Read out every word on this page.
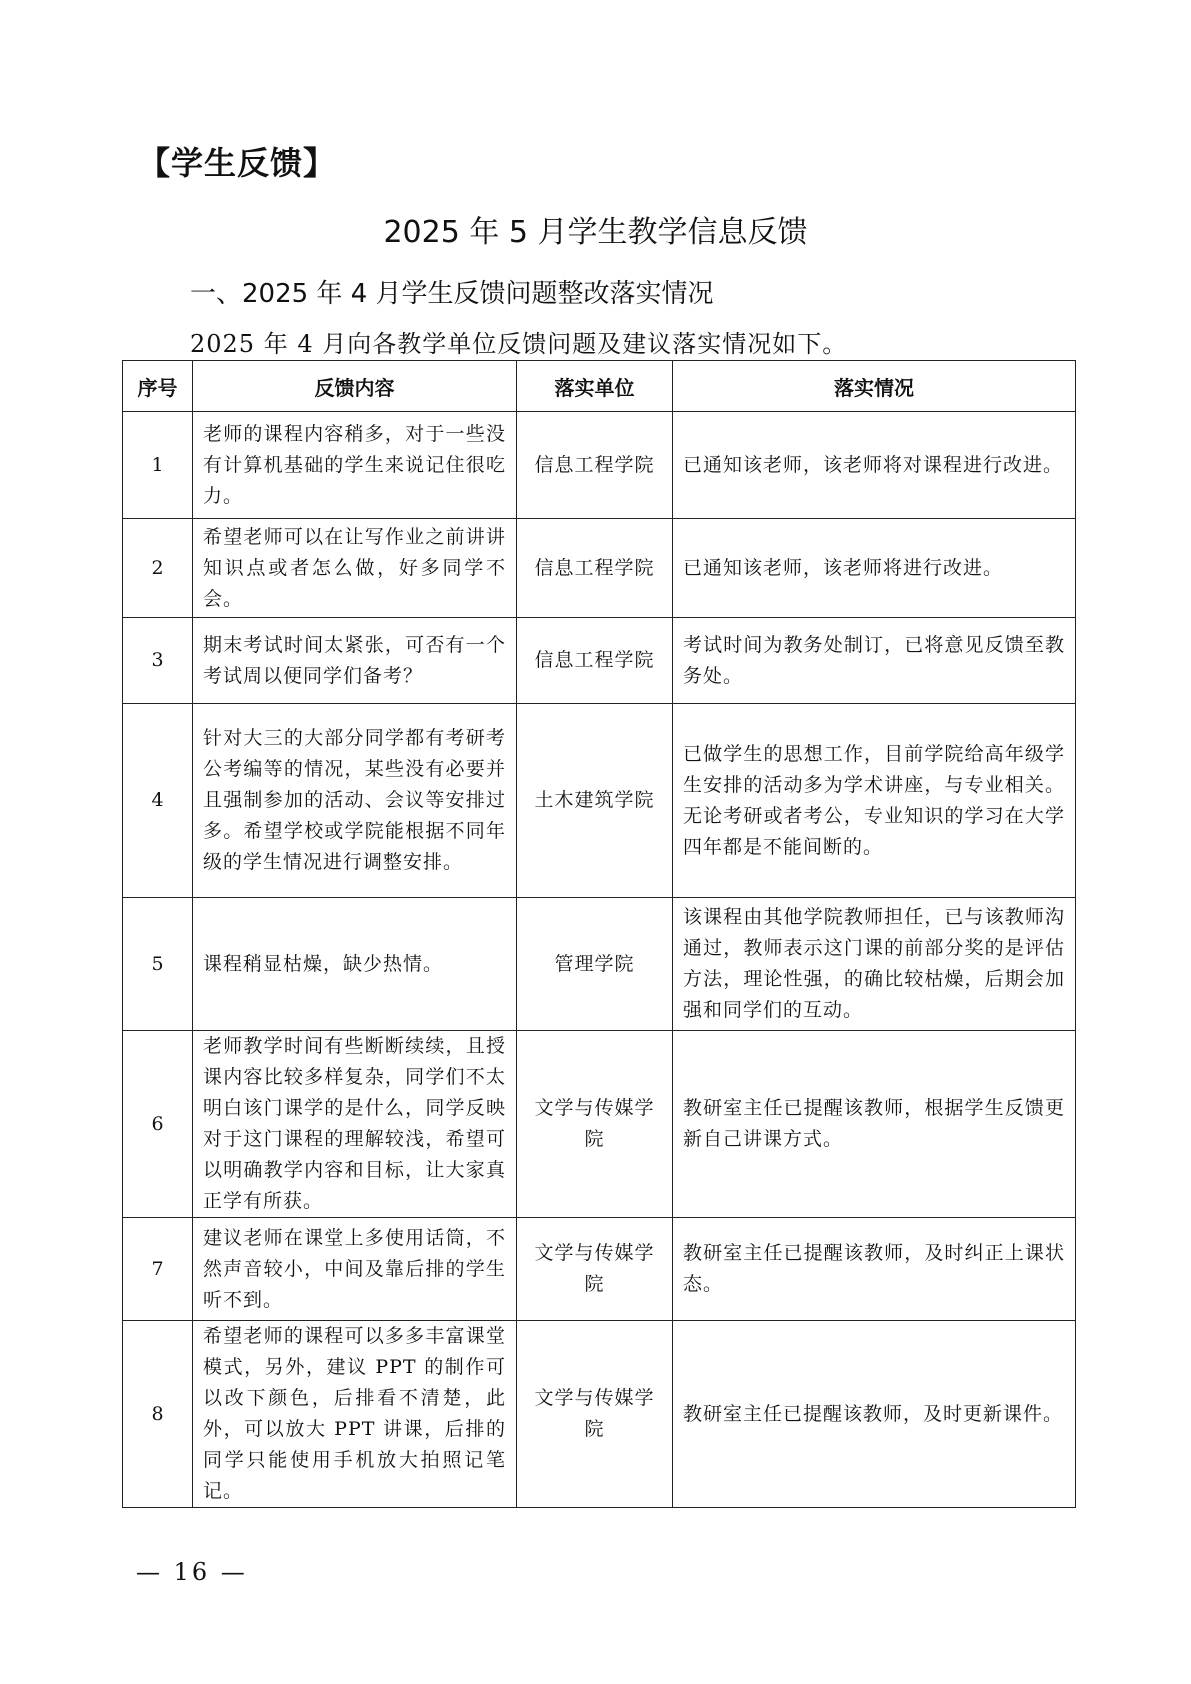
【学生反馈】
2025 年 5 月学生教学信息反馈
一、2025 年 4 月学生反馈问题整改落实情况
2025 年 4 月向各教学单位反馈问题及建议落实情况如下。
序号	反馈内容	落实单位	落实情况
1	老师的课程内容稍多，对于一些没有计算机基础的学生来说记住很吃力。	信息工程学院	已通知该老师，该老师将对课程进行改进。
2	希望老师可以在让写作业之前讲讲知识点或者怎么做，好多同学不会。	信息工程学院	已通知该老师，该老师将进行改进。
3	期末考试时间太紧张，可否有一个考试周以便同学们备考？	信息工程学院	考试时间为教务处制订，已将意见反馈至教务处。
4	针对大三的大部分同学都有考研考公考编等的情况，某些没有必要并且强制参加的活动、会议等安排过多。希望学校或学院能根据不同年级的学生情况进行调整安排。	土木建筑学院	已做学生的思想工作，目前学院给高年级学生安排的活动多为学术讲座，与专业相关。无论考研或者考公，专业知识的学习在大学四年都是不能间断的。
5	课程稍显枯燥，缺少热情。	管理学院	该课程由其他学院教师担任，已与该教师沟通过，教师表示这门课的前部分奖的是评估方法，理论性强，的确比较枯燥，后期会加强和同学们的互动。
6	老师教学时间有些断断续续，且授课内容比较多样复杂，同学们不太明白该门课学的是什么，同学反映对于这门课程的理解较浅，希望可以明确教学内容和目标，让大家真正学有所获。	文学与传媒学院	教研室主任已提醒该教师，根据学生反馈更新自己讲课方式。
7	建议老师在课堂上多使用话筒，不然声音较小，中间及靠后排的学生听不到。	文学与传媒学院	教研室主任已提醒该教师，及时纠正上课状态。
8	希望老师的课程可以多多丰富课堂模式，另外，建议 PPT 的制作可以改下颜色，后排看不清楚，此外，可以放大 PPT 讲课，后排的同学只能使用手机放大拍照记笔记。	文学与传媒学院	教研室主任已提醒该教师，及时更新课件。
— 16 —
